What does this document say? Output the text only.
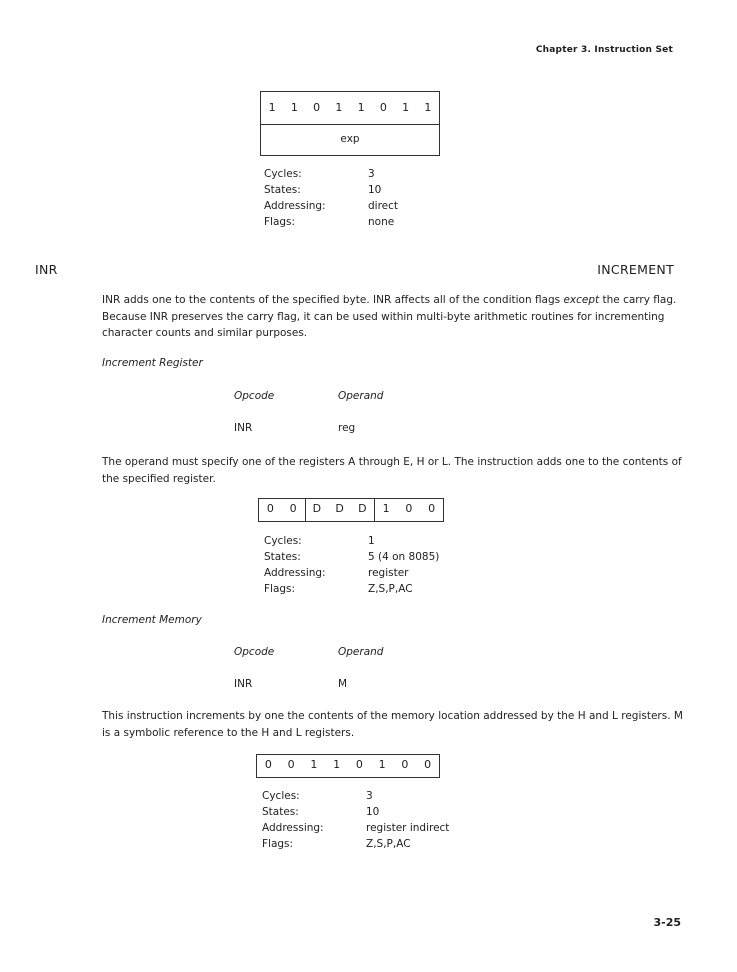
Chapter 3. Instruction Set
1	1	0	1	1	0	1	1
exp
Cycles:	3
States:	10
Addressing:	direct
Flags:	none
INR	INCREMENT
INR adds one to the contents of the specified byte. INR affects all of the condition flags except the carry flag. Because INR preserves the carry flag, it can be used within multi-byte arithmetic routines for incrementing character counts and similar purposes.
Increment Register
Opcode	Operand
INR	reg
The operand must specify one of the registers A through E, H or L. The instruction adds one to the contents of the specified register.
0	0	D	D	D	1	0	0
Cycles:	1
States:	5 (4 on 8085)
Addressing:	register
Flags:	Z,S,P,AC
Increment Memory
Opcode	Operand
INR	M
This instruction increments by one the contents of the memory location addressed by the H and L registers. M is a symbolic reference to the H and L registers.
0	0	1	1	0	1	0	0
Cycles:	3
States:	10
Addressing:	register indirect
Flags:	Z,S,P,AC
3-25
